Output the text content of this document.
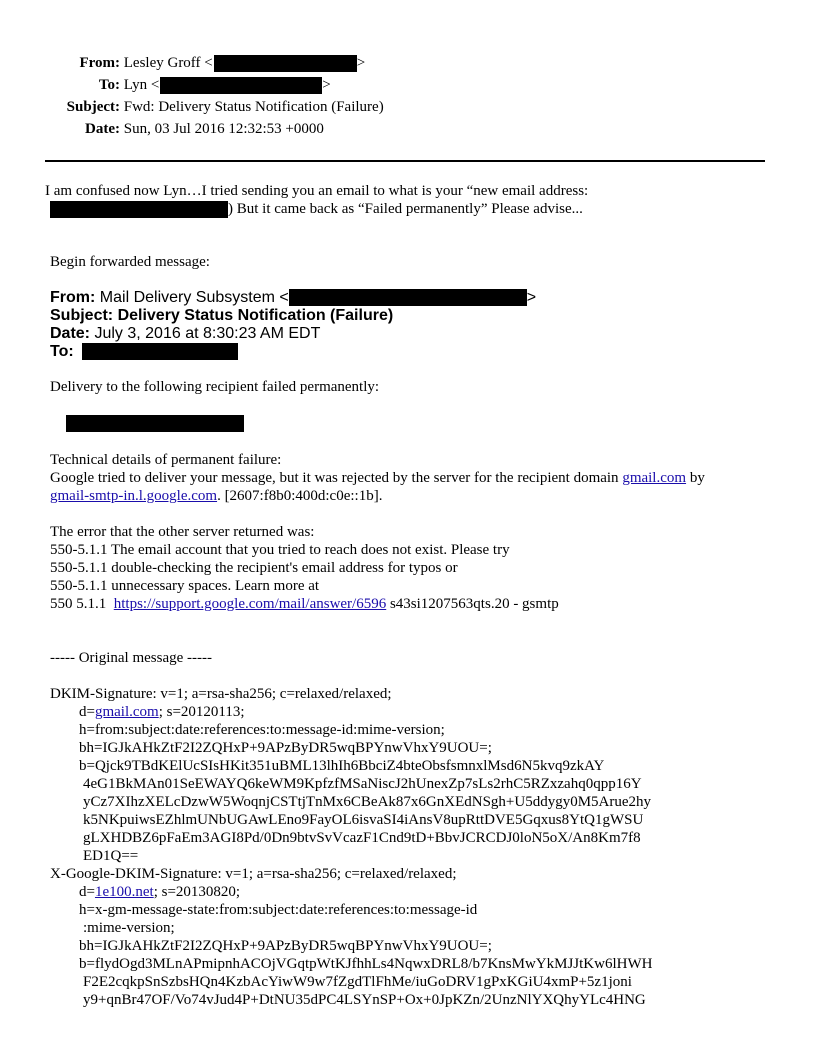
From: Lesley Groff <	>
To: Lyn <	>
Subject: Fwd: Delivery Status Notification (Failure)
Date: Sun, 03 Jul 2016 12:32:53 +0000
I am confused now Lyn…I tried sending you an email to what is your “new email address:
) But it came back as “Failed permanently” Please advise...
Begin forwarded message:
From: Mail Delivery Subsystem <	>
Subject: Delivery Status Notification (Failure)
Date: July 3, 2016 at 8:30:23 AM EDT
To:
Delivery to the following recipient failed permanently:
Technical details of permanent failure:
Google tried to deliver your message, but it was rejected by the server for the recipient domain gmail.com by
gmail-smtp-in.l.google.com. [2607:f8b0:400d:c0e::1b].
The error that the other server returned was:
550-5.1.1 The email account that you tried to reach does not exist. Please try
550-5.1.1 double-checking the recipient's email address for typos or
550-5.1.1 unnecessary spaces. Learn more at
550 5.1.1  https://support.google.com/mail/answer/6596 s43si1207563qts.20 - gsmtp
----- Original message -----
DKIM-Signature: v=1; a=rsa-sha256; c=relaxed/relaxed;
d=gmail.com; s=20120113;
h=from:subject:date:references:to:message-id:mime-version;
bh=IGJkAHkZtF2I2ZQHxP+9APzByDR5wqBPYnwVhxY9UOU=;
b=Qjck9TBdKElUcSIsHKit351uBML13lhIh6BbciZ4bteObsfsmnxlMsd6N5kvq9zkAY
4eG1BkMAn01SeEWAYQ6keWM9KpfzfMSaNiscJ2hUnexZp7sLs2rhC5RZxzahq0qpp16Y
yCz7XIhzXELcDzwW5WoqnjCSTtjTnMx6CBeAk87x6GnXEdNSgh+U5ddygy0M5Arue2hy
k5NKpuiwsEZhlmUNbUGAwLEno9FayOL6isvaSI4iAnsV8upRttDVE5Gqxus8YtQ1gWSU
gLXHDBZ6pFaEm3AGI8Pd/0Dn9btvSvVcazF1Cnd9tD+BbvJCRCDJ0loN5oX/An8Km7f8
ED1Q==
X-Google-DKIM-Signature: v=1; a=rsa-sha256; c=relaxed/relaxed;
d=1e100.net; s=20130820;
h=x-gm-message-state:from:subject:date:references:to:message-id
:mime-version;
bh=IGJkAHkZtF2I2ZQHxP+9APzByDR5wqBPYnwVhxY9UOU=;
b=flydOgd3MLnAPmipnhACOjVGqtpWtKJfhhLs4NqwxDRL8/b7KnsMwYkMJJtKw6lHWH
F2E2cqkpSnSzbsHQn4KzbAcYiwW9w7fZgdTlFhMe/iuGoDRV1gPxKGiU4xmP+5z1joni
y9+qnBr47OF/Vo74vJud4P+DtNU35dPC4LSYnSP+Ox+0JpKZn/2UnzNlYXQhyYLc4HNG
